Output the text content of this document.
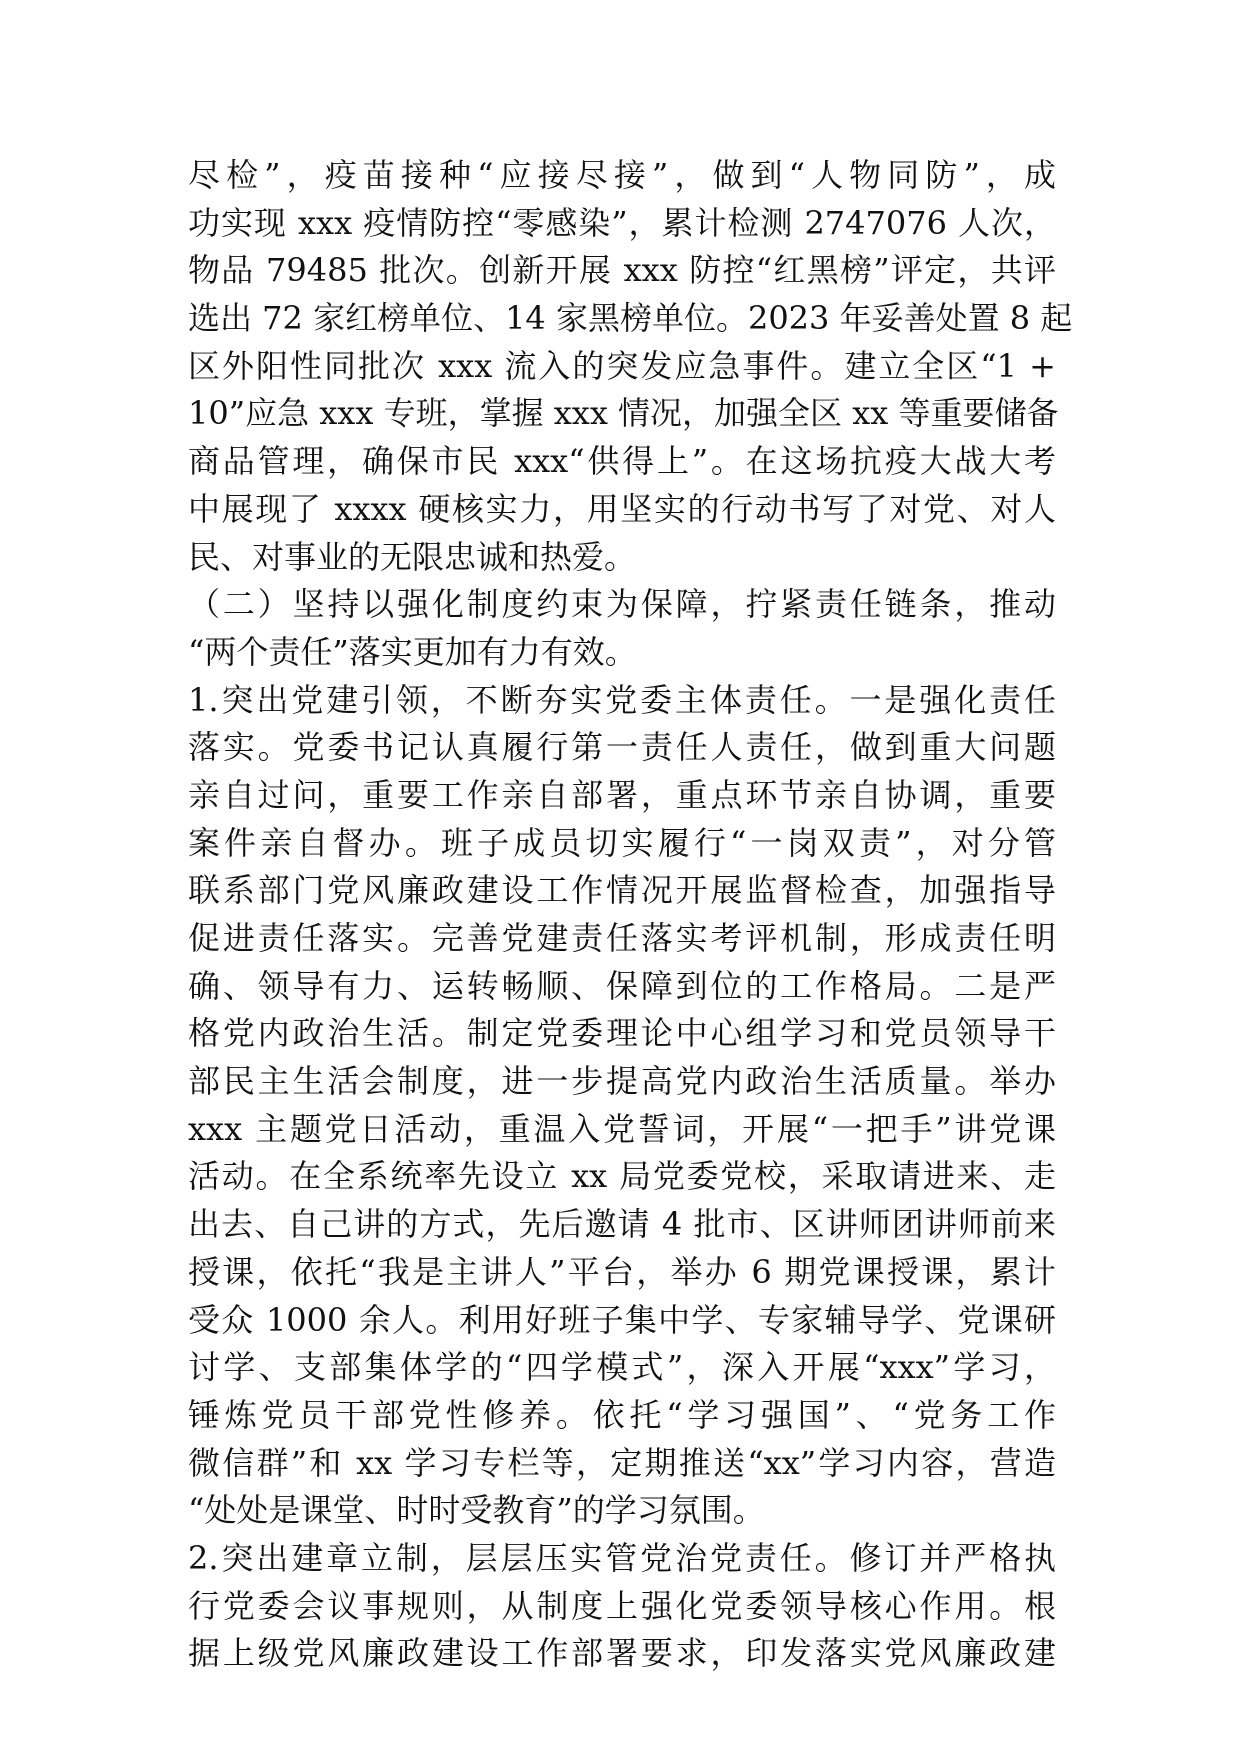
尽检”，疫苗接种“应接尽接”，做到“人物同防”，成
功实现 xxx 疫情防控“零感染”，累计检测 2747076 人次，
物品 79485 批次。创新开展 xxx 防控“红黑榜”评定，共评
选出 72 家红榜单位、14 家黑榜单位。2023 年妥善处置 8 起
区外阳性同批次 xxx 流入的突发应急事件。建立全区“1 +
10”应急 xxx 专班，掌握 xxx 情况，加强全区 xx 等重要储备
商品管理，确保市民 xxx“供得上”。在这场抗疫大战大考
中展现了 xxxx 硬核实力，用坚实的行动书写了对党、对人
民、对事业的无限忠诚和热爱。
（二）坚持以强化制度约束为保障，拧紧责任链条，推动
“两个责任”落实更加有力有效。
1.突出党建引领，不断夯实党委主体责任。一是强化责任
落实。党委书记认真履行第一责任人责任，做到重大问题
亲自过问，重要工作亲自部署，重点环节亲自协调，重要
案件亲自督办。班子成员切实履行“一岗双责”，对分管
联系部门党风廉政建设工作情况开展监督检查，加强指导
促进责任落实。完善党建责任落实考评机制，形成责任明
确、领导有力、运转畅顺、保障到位的工作格局。二是严
格党内政治生活。制定党委理论中心组学习和党员领导干
部民主生活会制度，进一步提高党内政治生活质量。举办
xxx 主题党日活动，重温入党誓词，开展“一把手”讲党课
活动。在全系统率先设立 xx 局党委党校，采取请进来、走
出去、自己讲的方式，先后邀请 4 批市、区讲师团讲师前来
授课，依托“我是主讲人”平台，举办 6 期党课授课，累计
受众 1000 余人。利用好班子集中学、专家辅导学、党课研
讨学、支部集体学的“四学模式”，深入开展“xxx”学习，
锤炼党员干部党性修养。依托“学习强国”、“党务工作
微信群”和 xx 学习专栏等，定期推送“xx”学习内容，营造
“处处是课堂、时时受教育”的学习氛围。
2.突出建章立制，层层压实管党治党责任。修订并严格执
行党委会议事规则，从制度上强化党委领导核心作用。根
据上级党风廉政建设工作部署要求，印发落实党风廉政建
